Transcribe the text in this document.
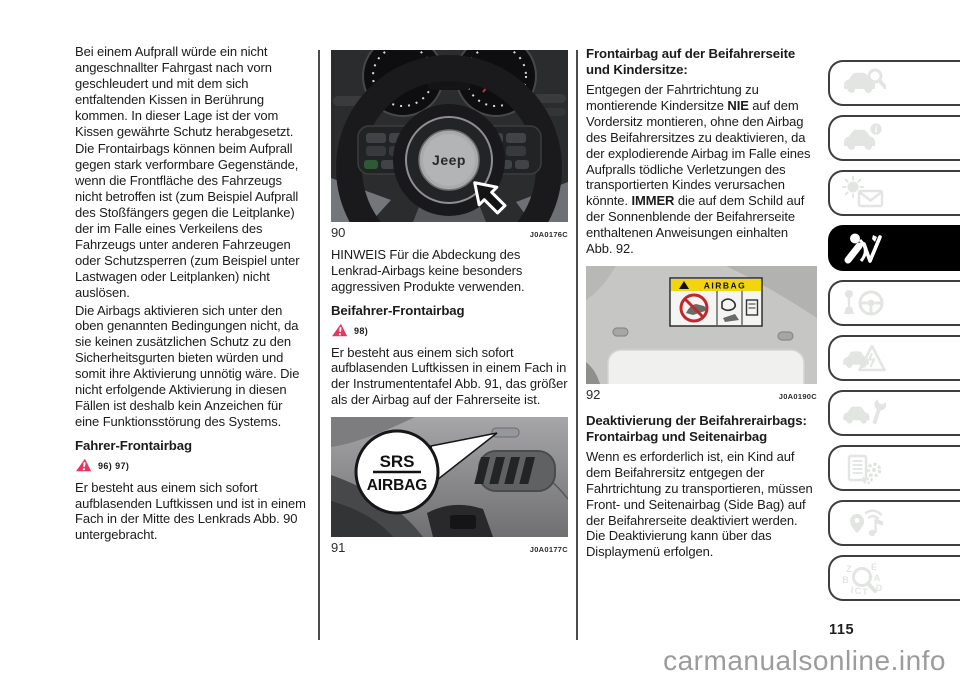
Bei einem Aufprall würde ein nicht angeschnallter Fahrgast nach vorn geschleudert und mit dem sich entfaltenden Kissen in Berührung kommen. In dieser Lage ist der vom Kissen gewährte Schutz herabgesetzt.

Die Frontairbags können beim Aufprall gegen stark verformbare Gegenstände, wenn die Frontfläche des Fahrzeugs nicht betroffen ist (zum Beispiel Aufprall des Stoßfängers gegen die Leitplanke) der im Falle eines Verkeilens des Fahrzeugs unter anderen Fahrzeugen oder Schutzsperren (zum Beispiel unter Lastwagen oder Leitplanken) nicht auslösen.

Die Airbags aktivieren sich unter den oben genannten Bedingungen nicht, da sie keinen zusätzlichen Schutz zu den Sicherheitsgurten bieten würden und somit ihre Aktivierung unnötig wäre. Die nicht erfolgende Aktivierung in diesen Fällen ist deshalb kein Anzeichen für eine Funktionsstörung des Systems.

Fahrer-Frontairbag
96) 97)

Er besteht aus einem sich sofort aufblasenden Luftkissen und ist in einem Fach in der Mitte des Lenkrads Abb. 90 untergebracht.

Jeep
90	J0A0176C

HINWEIS Für die Abdeckung des Lenkrad-Airbags keine besonders aggressiven Produkte verwenden.

Beifahrer-Frontairbag
98)

Er besteht aus einem sich sofort aufblasenden Luftkissen in einem Fach in der Instrumententafel Abb. 91, das größer als der Airbag auf der Fahrerseite ist.

SRS
AIRBAG
91	J0A0177C
Frontairbag auf der Beifahrerseite und Kindersitze:

Entgegen der Fahrtrichtung zu montierende Kindersitze NIE auf dem Vordersitz montieren, ohne den Airbag des Beifahrersitzes zu deaktivieren, da der explodierende Airbag im Falle eines Aufpralls tödliche Verletzungen des transportierten Kindes verursachen könnte. IMMER die auf dem Schild auf der Sonnenblende der Beifahrerseite enthaltenen Anweisungen einhalten Abb. 92.

AIRBAG
92	J0A0190C
Deaktivierung der Beifahrerairbags: Frontairbag und Seitenairbag

Wenn es erforderlich ist, ein Kind auf dem Beifahrersitz entgegen der Fahrtrichtung zu transportieren, müssen Front- und Seitenairbag (Side Bag) auf der Beifahrerseite deaktiviert werden. Die Deaktivierung kann über das Displaymenü erfolgen.

i
Z E
B	A
I C T D
115
carmanualsonline.info
